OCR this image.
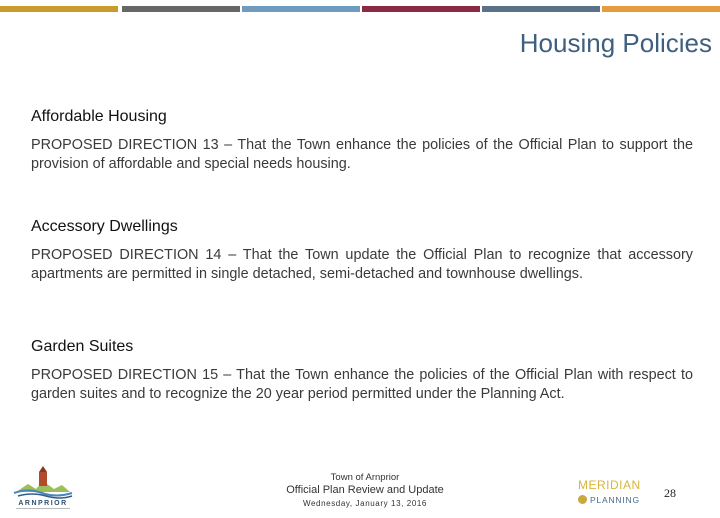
Housing Policies

Affordable Housing

PROPOSED DIRECTION 13 – That the Town enhance the policies of the Official Plan to support the provision of affordable and special needs housing.

Accessory Dwellings

PROPOSED DIRECTION 14 – That the Town update the Official Plan to recognize that accessory apartments are permitted in single detached, semi-detached and townhouse dwellings.

Garden Suites

PROPOSED DIRECTION 15 – That the Town enhance the policies of the Official Plan with respect to garden suites and to recognize the 20 year period permitted under the Planning Act.

ARNPRIOR
Town of Arnprior
Official Plan Review and Update
Wednesday, January 13, 2016
MERIDIAN
PLANNING	28
